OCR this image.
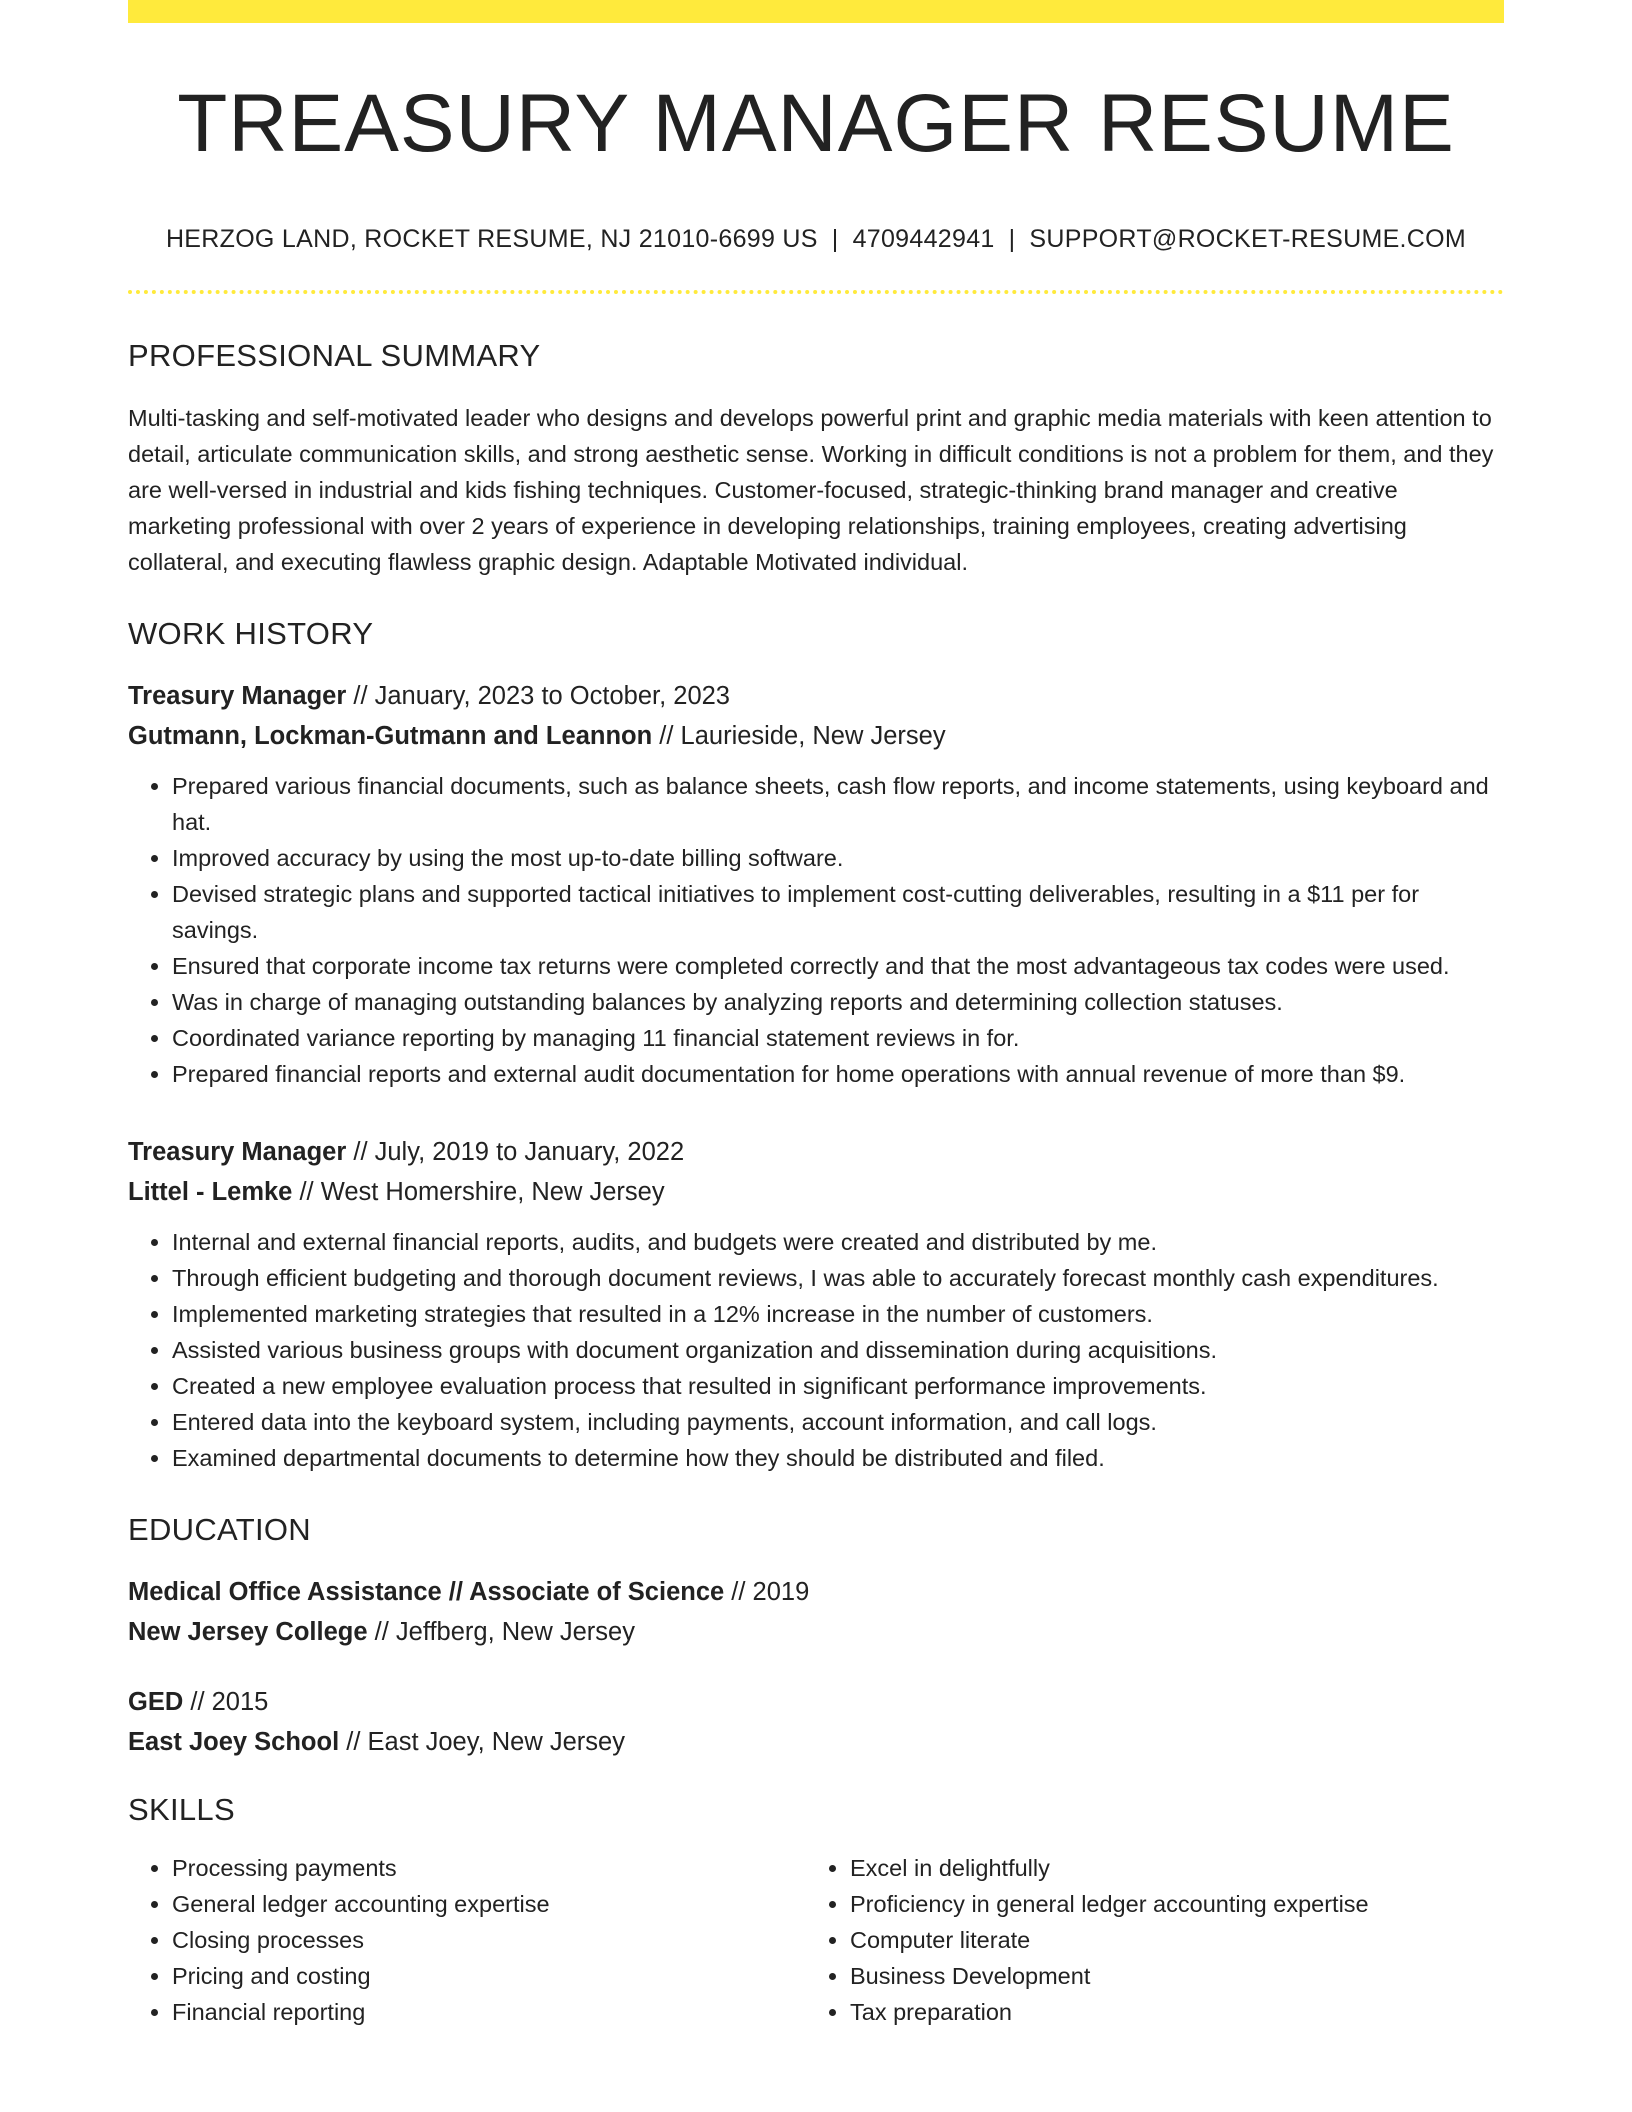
TREASURY MANAGER RESUME
HERZOG LAND, ROCKET RESUME, NJ 21010-6699 US | 4709442941 | SUPPORT@ROCKET-RESUME.COM
PROFESSIONAL SUMMARY

Multi-tasking and self-motivated leader who designs and develops powerful print and graphic media materials with keen attention to detail, articulate communication skills, and strong aesthetic sense. Working in difficult conditions is not a problem for them, and they are well-versed in industrial and kids fishing techniques. Customer-focused, strategic-thinking brand manager and creative marketing professional with over 2 years of experience in developing relationships, training employees, creating advertising collateral, and executing flawless graphic design. Adaptable Motivated individual.

WORK HISTORY
Treasury Manager // January, 2023 to October, 2023
Gutmann, Lockman-Gutmann and Leannon // Laurieside, New Jersey
• Prepared various financial documents, such as balance sheets, cash flow reports, and income statements, using keyboard and hat.
• Improved accuracy by using the most up-to-date billing software.
• Devised strategic plans and supported tactical initiatives to implement cost-cutting deliverables, resulting in a $11 per for savings.
• Ensured that corporate income tax returns were completed correctly and that the most advantageous tax codes were used.
• Was in charge of managing outstanding balances by analyzing reports and determining collection statuses.
• Coordinated variance reporting by managing 11 financial statement reviews in for.
• Prepared financial reports and external audit documentation for home operations with annual revenue of more than $9.
Treasury Manager // July, 2019 to January, 2022
Littel - Lemke // West Homershire, New Jersey
• Internal and external financial reports, audits, and budgets were created and distributed by me.
• Through efficient budgeting and thorough document reviews, I was able to accurately forecast monthly cash expenditures.
• Implemented marketing strategies that resulted in a 12% increase in the number of customers.
• Assisted various business groups with document organization and dissemination during acquisitions.
• Created a new employee evaluation process that resulted in significant performance improvements.
• Entered data into the keyboard system, including payments, account information, and call logs.
• Examined departmental documents to determine how they should be distributed and filed.
EDUCATION
Medical Office Assistance // Associate of Science // 2019
New Jersey College // Jeffberg, New Jersey
GED // 2015
East Joey School // East Joey, New Jersey
SKILLS
• Processing payments
• General ledger accounting expertise
• Closing processes
• Pricing and costing
• Financial reporting
• Excel in delightfully
• Proficiency in general ledger accounting expertise
• Computer literate
• Business Development
• Tax preparation
